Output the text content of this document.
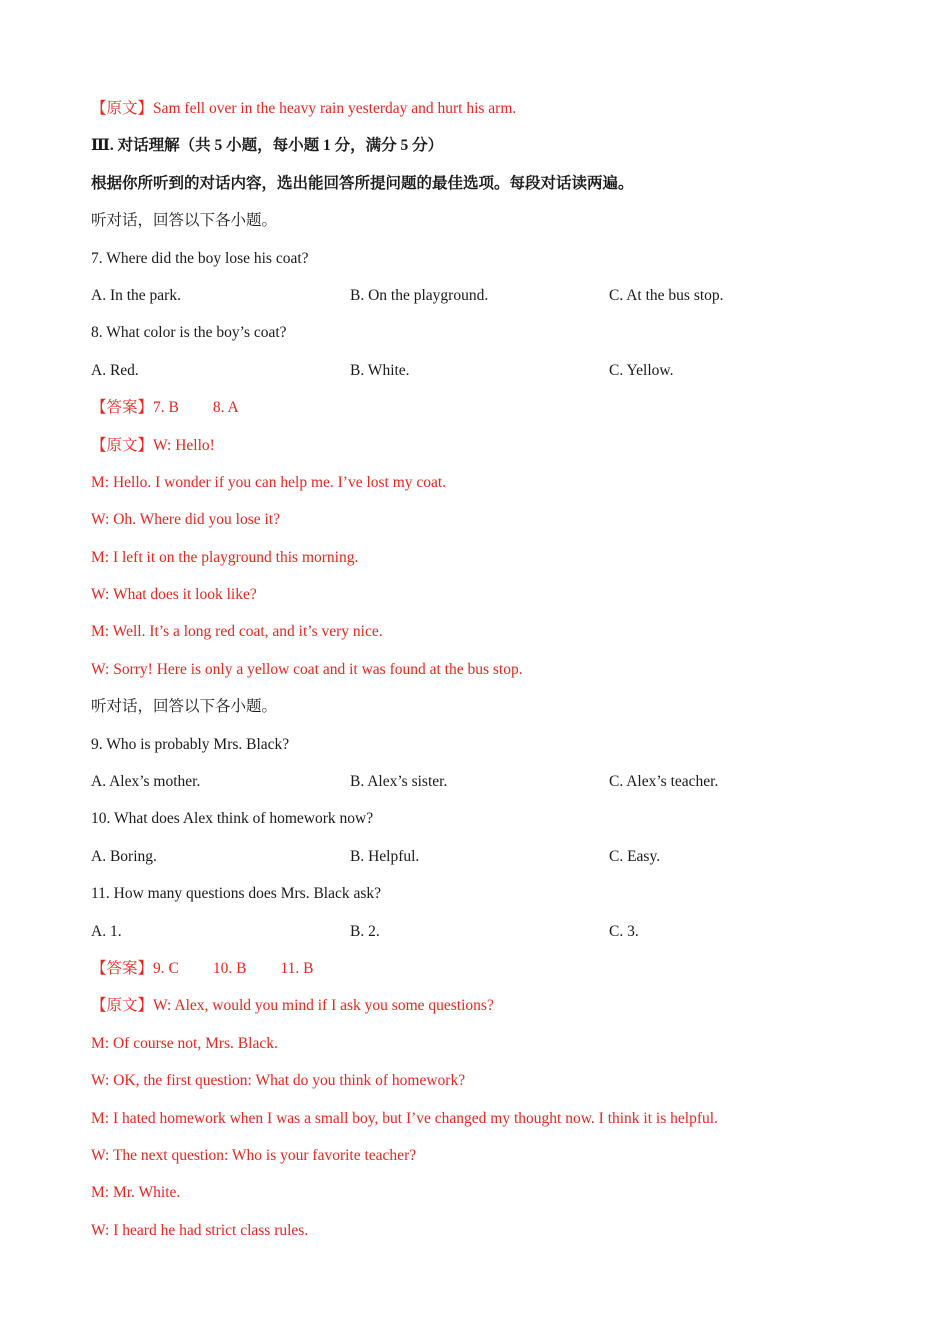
【原文】Sam fell over in the heavy rain yesterday and hurt his arm.
Ⅲ. 对话理解（共 5 小题，每小题 1 分，满分 5 分）
根据你所听到的对话内容，选出能回答所提问题的最佳选项。每段对话读两遍。
听对话，回答以下各小题。
7. Where did the boy lose his coat?
A. In the park.	B. On the playground.	C. At the bus stop.
8. What color is the boy’s coat?
A. Red.	B. White.	C. Yellow.
【答案】7. B 8. A
【原文】W: Hello!
M: Hello. I wonder if you can help me. I’ve lost my coat.
W: Oh. Where did you lose it?
M: I left it on the playground this morning.
W: What does it look like?
M: Well. It’s a long red coat, and it’s very nice.
W: Sorry! Here is only a yellow coat and it was found at the bus stop.
听对话，回答以下各小题。
9. Who is probably Mrs. Black?
A. Alex’s mother.	B. Alex’s sister.	C. Alex’s teacher.
10. What does Alex think of homework now?
A. Boring.	B. Helpful.	C. Easy.
11. How many questions does Mrs. Black ask?
A. 1.	B. 2.	C. 3.
【答案】9. C 10. B 11. B
【原文】W: Alex, would you mind if I ask you some questions?
M: Of course not, Mrs. Black.
W: OK, the first question: What do you think of homework?
M: I hated homework when I was a small boy, but I’ve changed my thought now. I think it is helpful.
W: The next question: Who is your favorite teacher?
M: Mr. White.
W: I heard he had strict class rules.
